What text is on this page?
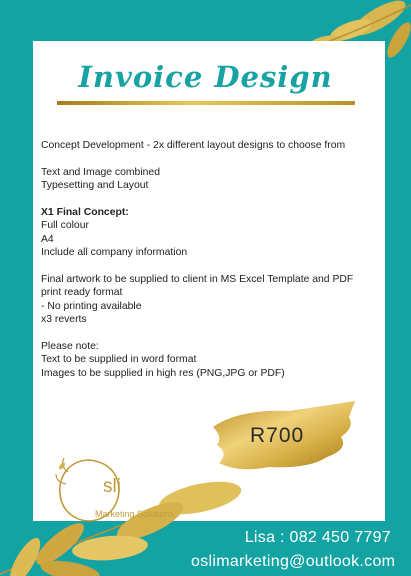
Invoice Design
Concept Development - 2x different layout designs to choose from
Text and Image combined
Typesetting and Layout
X1 Final Concept:
Full colour
A4
Include all company information
Final artwork to be supplied to client in MS Excel Template and PDF
print ready format
- No printing available
x3 reverts
Please note:
Text to be supplied in word format
Images to be supplied in high res (PNG,JPG or PDF)
R700
sli
Marketing Solutions
Lisa : 082 450 7797
oslimarketing@outlook.com
